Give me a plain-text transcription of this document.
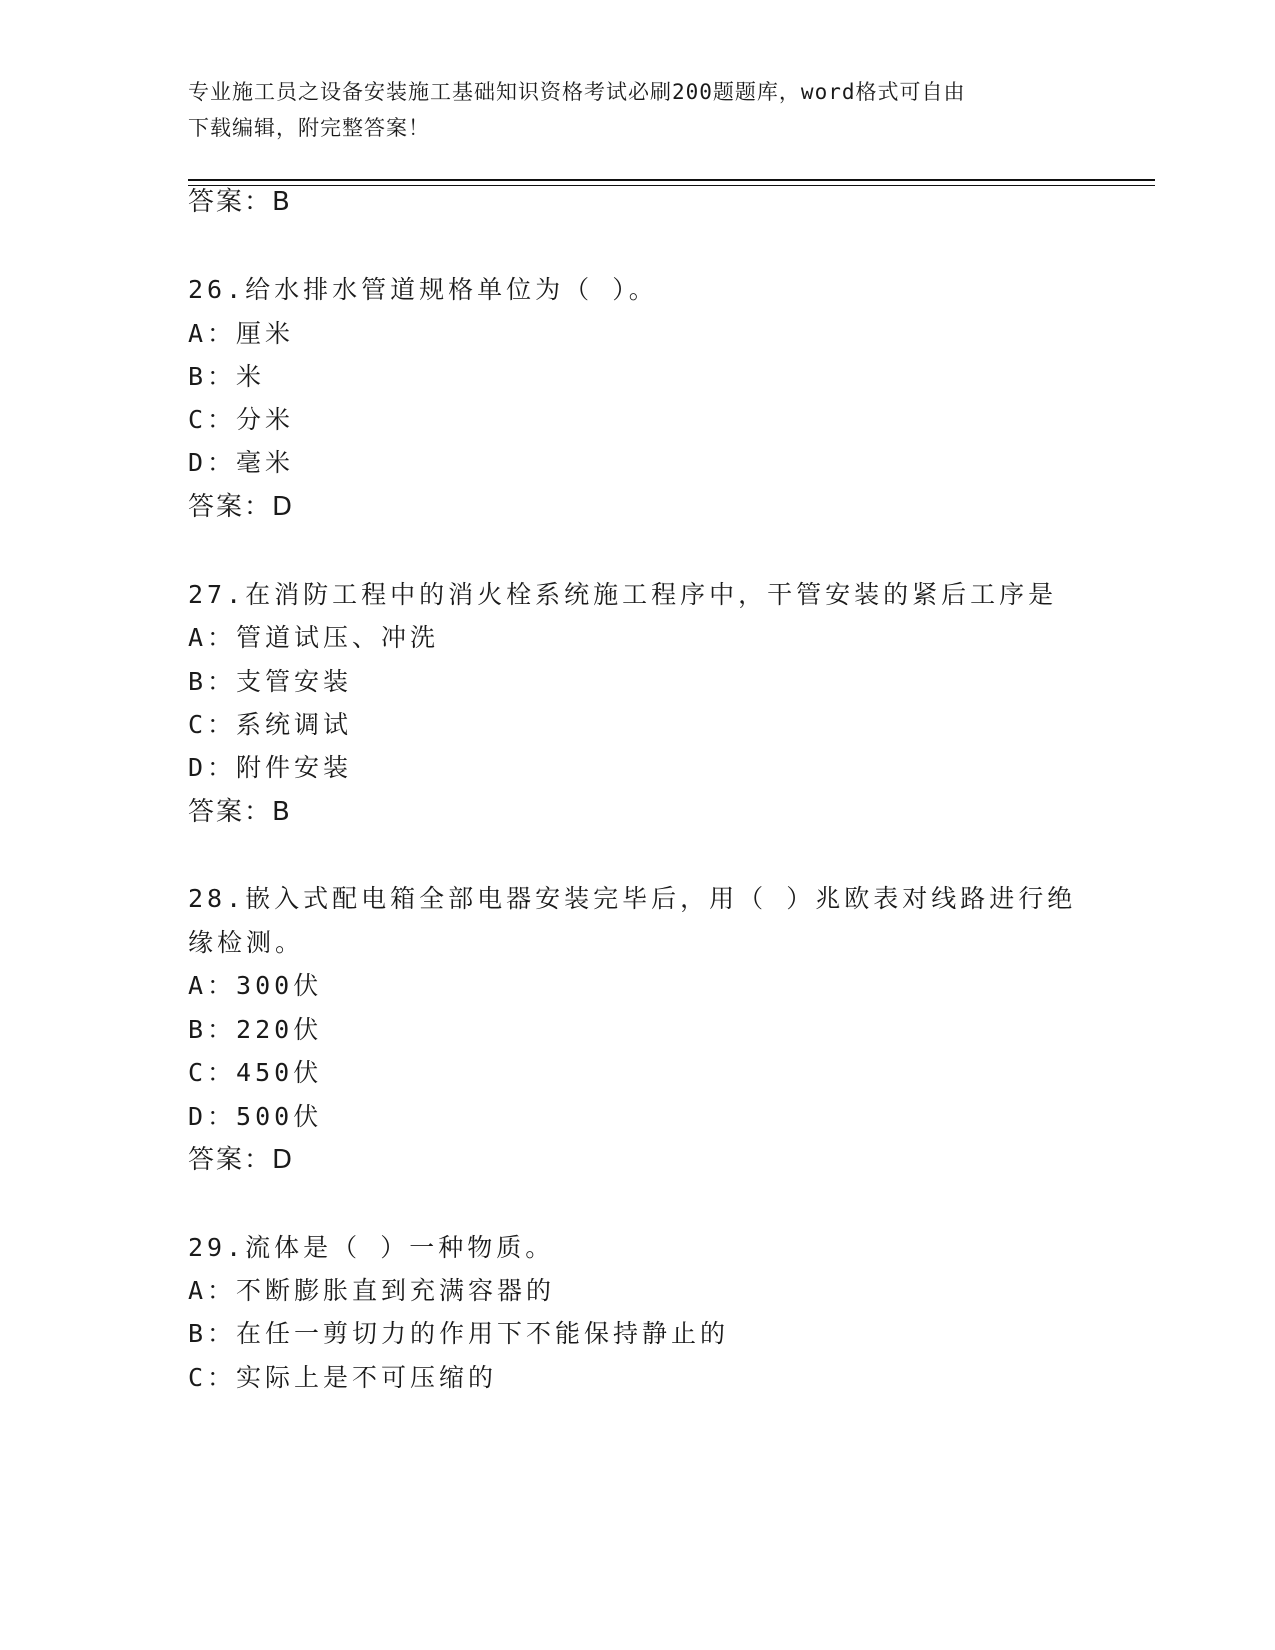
专业施工员之设备安装施工基础知识资格考试必刷200题题库，word格式可自由
下载编辑，附完整答案！
答案：B
26.给水排水管道规格单位为（ ）。
A：厘米
B：米
C：分米
D：毫米
答案：D
27.在消防工程中的消火栓系统施工程序中，干管安装的紧后工序是
A：管道试压、冲洗
B：支管安装
C：系统调试
D：附件安装
答案：B
28.嵌入式配电箱全部电器安装完毕后，用（ ）兆欧表对线路进行绝
缘检测。
A：300伏
B：220伏
C：450伏
D：500伏
答案：D
29.流体是（ ）一种物质。
A：不断膨胀直到充满容器的
B：在任一剪切力的作用下不能保持静止的
C：实际上是不可压缩的
